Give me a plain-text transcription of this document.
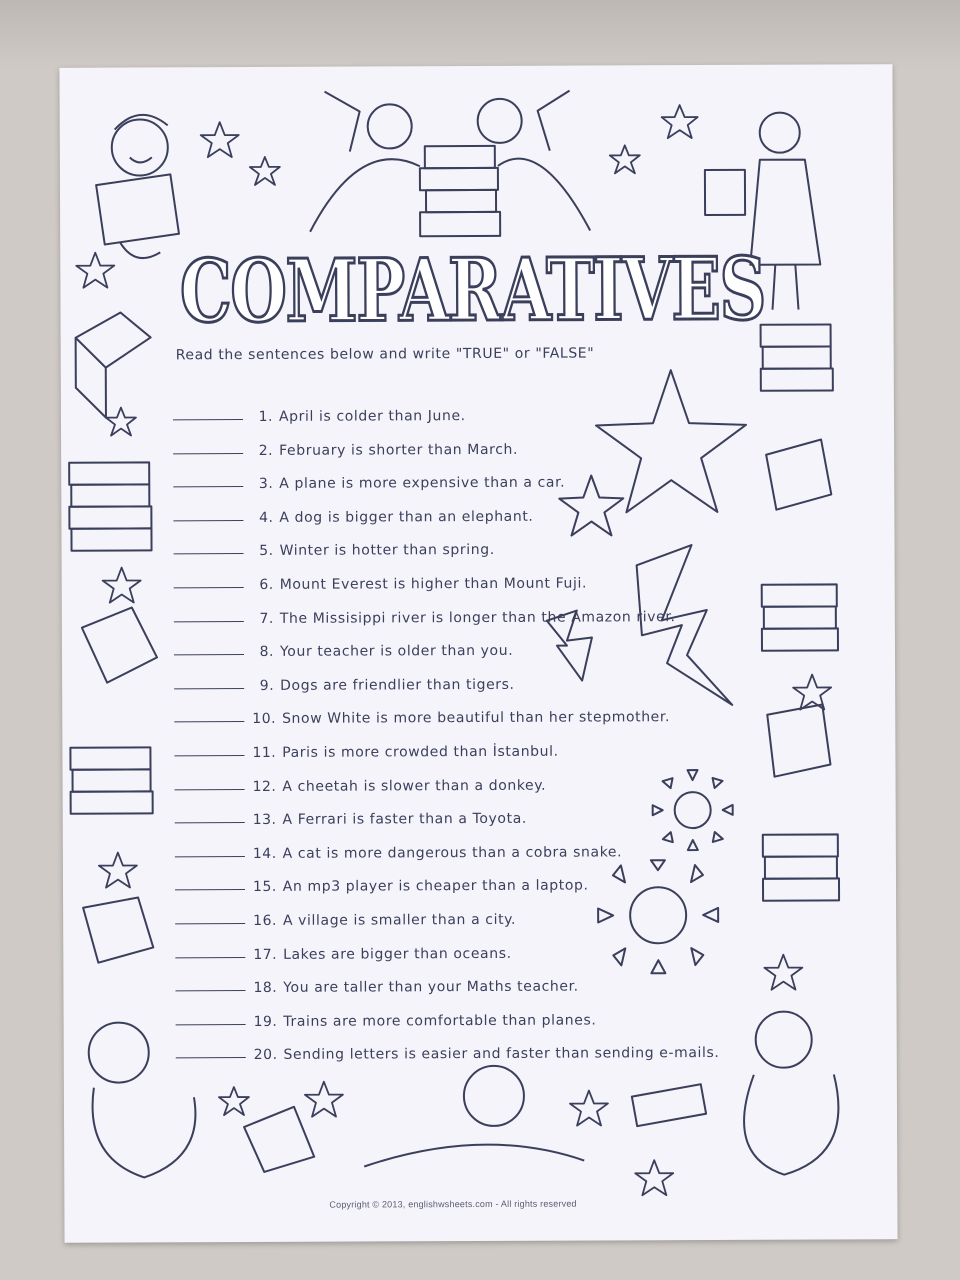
COMPARATIVES
Read the sentences below and write "TRUE" or "FALSE"
1. April is colder than June.
2. February is shorter than March.
3. A plane is more expensive than a car.
4. A dog is bigger than an elephant.
5. Winter is hotter than spring.
6. Mount Everest is higher than Mount Fuji.
7. The Missisippi river is longer than the Amazon river.
8. Your teacher is older than you.
9. Dogs are friendlier than tigers.
10. Snow White is more beautiful than her stepmother.
11. Paris is more crowded than İstanbul.
12. A cheetah is slower than a donkey.
13. A Ferrari is faster than a Toyota.
14. A cat is more dangerous than a cobra snake.
15. An mp3 player is cheaper than a laptop.
16. A village is smaller than a city.
17. Lakes are bigger than oceans.
18. You are taller than your Maths teacher.
19. Trains are more comfortable than planes.
20. Sending letters is easier and faster than sending e-mails.
Copyright © 2013, englishwsheets.com - All rights reserved
